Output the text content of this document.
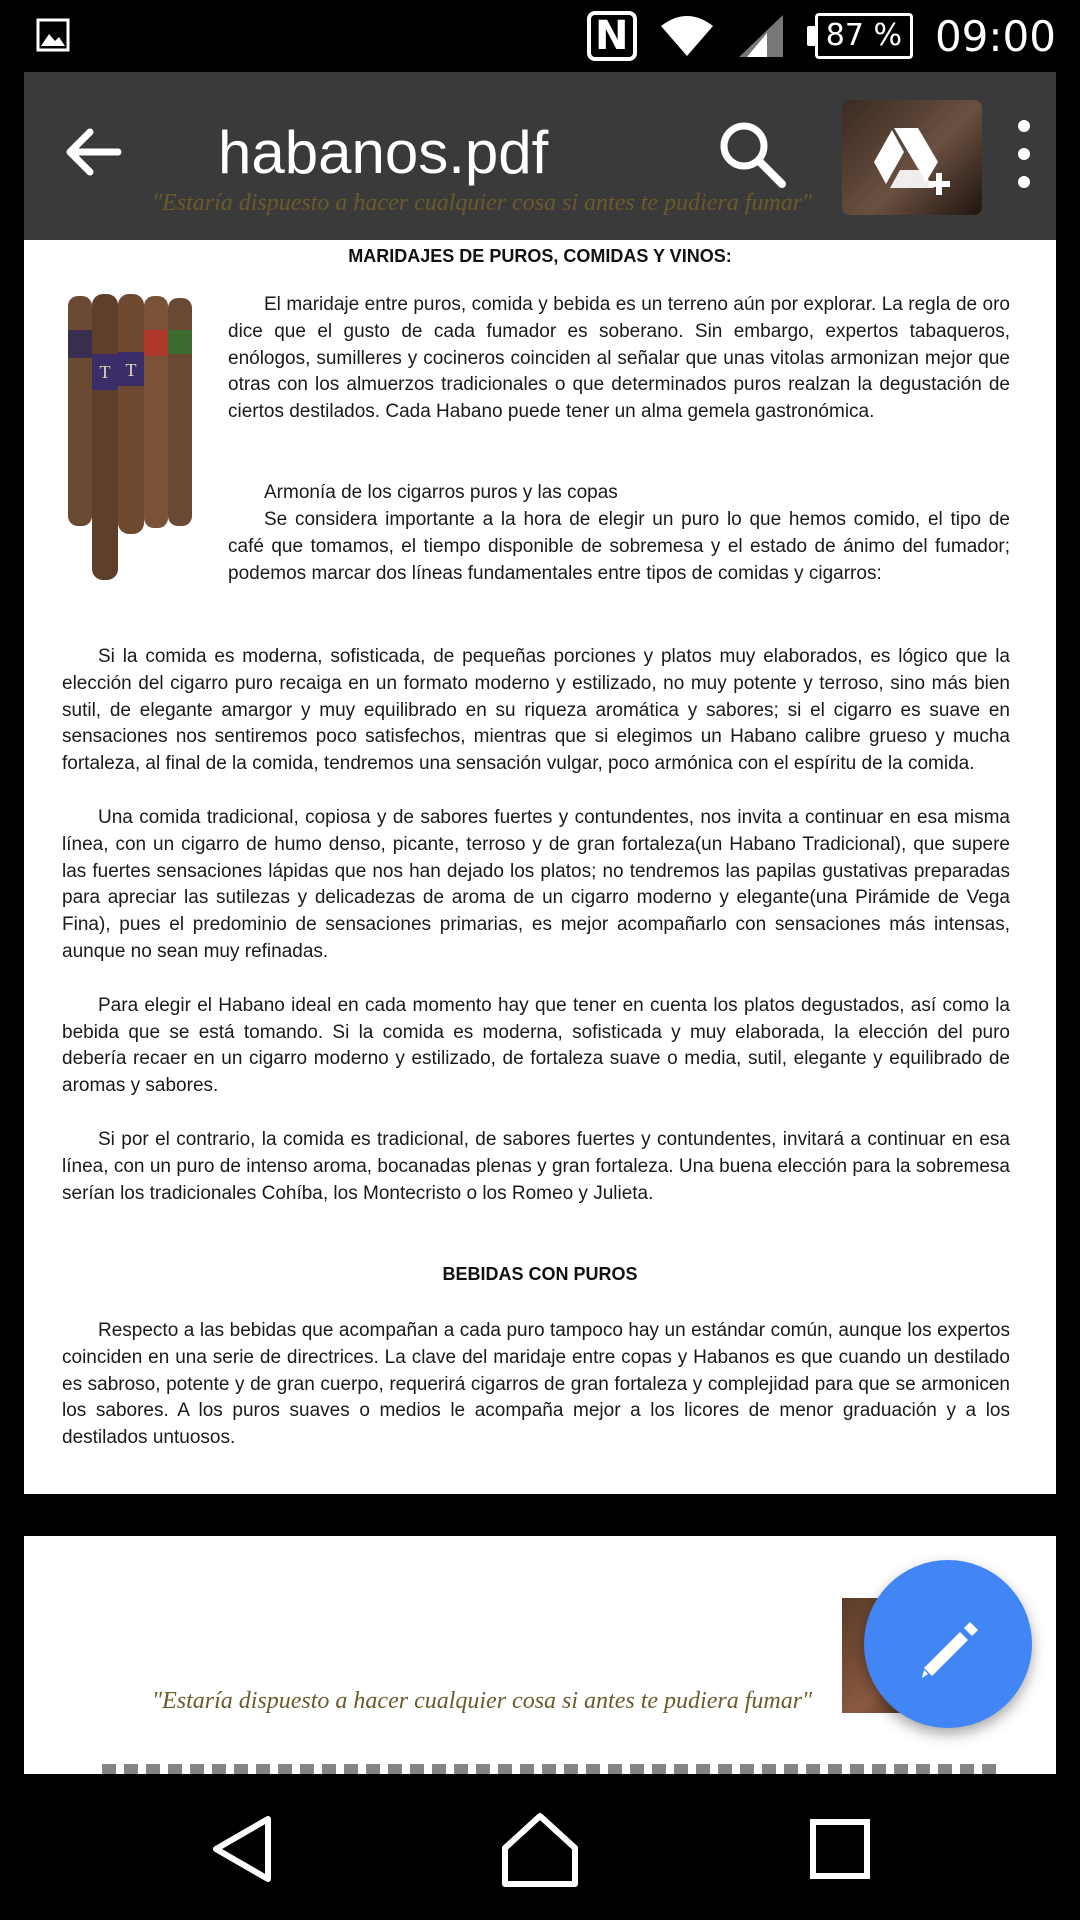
N	87 % 09:00
habanos.pdf
"Estaría dispuesto a hacer cualquier cosa si antes te pudiera fumar"
MARIDAJES DE PUROS, COMIDAS Y VINOS:
T T

El maridaje entre puros, comida y bebida es un terreno aún por explorar. La regla de oro dice que el gusto de cada fumador es soberano. Sin embargo, expertos tabaqueros, enólogos, sumilleres y cocineros coinciden al señalar que unas vitolas armonizan mejor que otras con los almuerzos tradicionales o que determinados puros realzan la degustación de ciertos destilados. Cada Habano puede tener un alma gemela gastronómica.

Armonía de los cigarros puros y las copas

Se considera importante a la hora de elegir un puro lo que hemos comido, el tipo de café que tomamos, el tiempo disponible de sobremesa y el estado de ánimo del fumador; podemos marcar dos líneas fundamentales entre tipos de comidas y cigarros:

Si la comida es moderna, sofisticada, de pequeñas porciones y platos muy elaborados, es lógico que la elección del cigarro puro recaiga en un formato moderno y estilizado, no muy potente y terroso, sino más bien sutil, de elegante amargor y muy equilibrado en su riqueza aromática y sabores; si el cigarro es suave en sensaciones nos sentiremos poco satisfechos, mientras que si elegimos un Habano calibre grueso y mucha fortaleza, al final de la comida, tendremos una sensación vulgar, poco armónica con el espíritu de la comida.

Una comida tradicional, copiosa y de sabores fuertes y contundentes, nos invita a continuar en esa misma línea, con un cigarro de humo denso, picante, terroso y de gran fortaleza(un Habano Tradicional), que supere las fuertes sensaciones lápidas que nos han dejado los platos; no tendremos las papilas gustativas preparadas para apreciar las sutilezas y delicadezas de aroma de un cigarro moderno y elegante(una Pirámide de Vega Fina), pues el predominio de sensaciones primarias, es mejor acompañarlo con sensaciones más intensas, aunque no sean muy refinadas.

Para elegir el Habano ideal en cada momento hay que tener en cuenta los platos degustados, así como la bebida que se está tomando. Si la comida es moderna, sofisticada y muy elaborada, la elección del puro debería recaer en un cigarro moderno y estilizado, de fortaleza suave o media, sutil, elegante y equilibrado de aromas y sabores.

Si por el contrario, la comida es tradicional, de sabores fuertes y contundentes, invitará a continuar en esa línea, con un puro de intenso aroma, bocanadas plenas y gran fortaleza. Una buena elección para la sobremesa serían los tradicionales Cohíba, los Montecristo o los Romeo y Julieta.

BEBIDAS CON PUROS

Respecto a las bebidas que acompañan a cada puro tampoco hay un estándar común, aunque los expertos coinciden en una serie de directrices. La clave del maridaje entre copas y Habanos es que cuando un destilado es sabroso, potente y de gran cuerpo, requerirá cigarros de gran fortaleza y complejidad para que se armonicen los sabores. A los puros suaves o medios le acompaña mejor a los licores de menor graduación y a los destilados untuosos.

"Estaría dispuesto a hacer cualquier cosa si antes te pudiera fumar"
